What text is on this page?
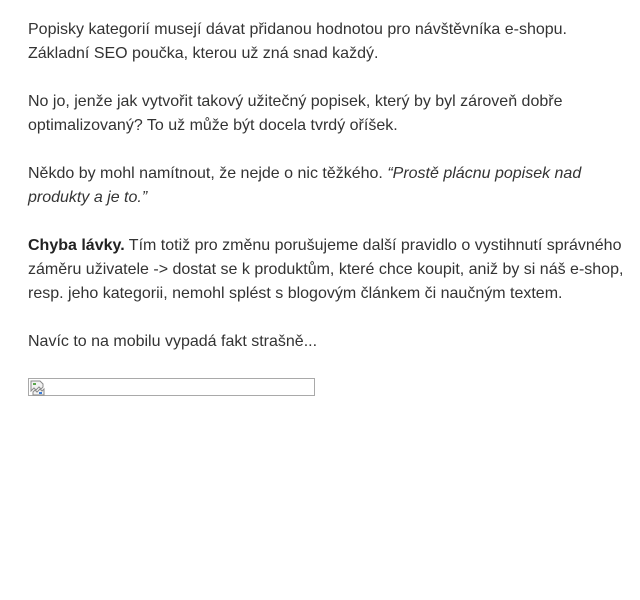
Popisky kategorií musejí dávat přidanou hodnotou pro návštěvníka e-shopu. Základní SEO poučka, kterou už zná snad každý.

No jo, jenže jak vytvořit takový užitečný popisek, který by byl zároveň dobře optimalizovaný? To už může být docela tvrdý oříšek.

Někdo by mohl namítnout, že nejde o nic těžkého. “Prostě plácnu popisek nad produkty a je to.”

Chyba lávky. Tím totiž pro změnu porušujeme další pravidlo o vystihnutí správného záměru uživatele -> dostat se k produktům, které chce koupit, aniž by si náš e-shop, resp. jeho kategorii, nemohl splést s blogovým článkem či naučným textem.

Navíc to na mobilu vypadá fakt strašně...
